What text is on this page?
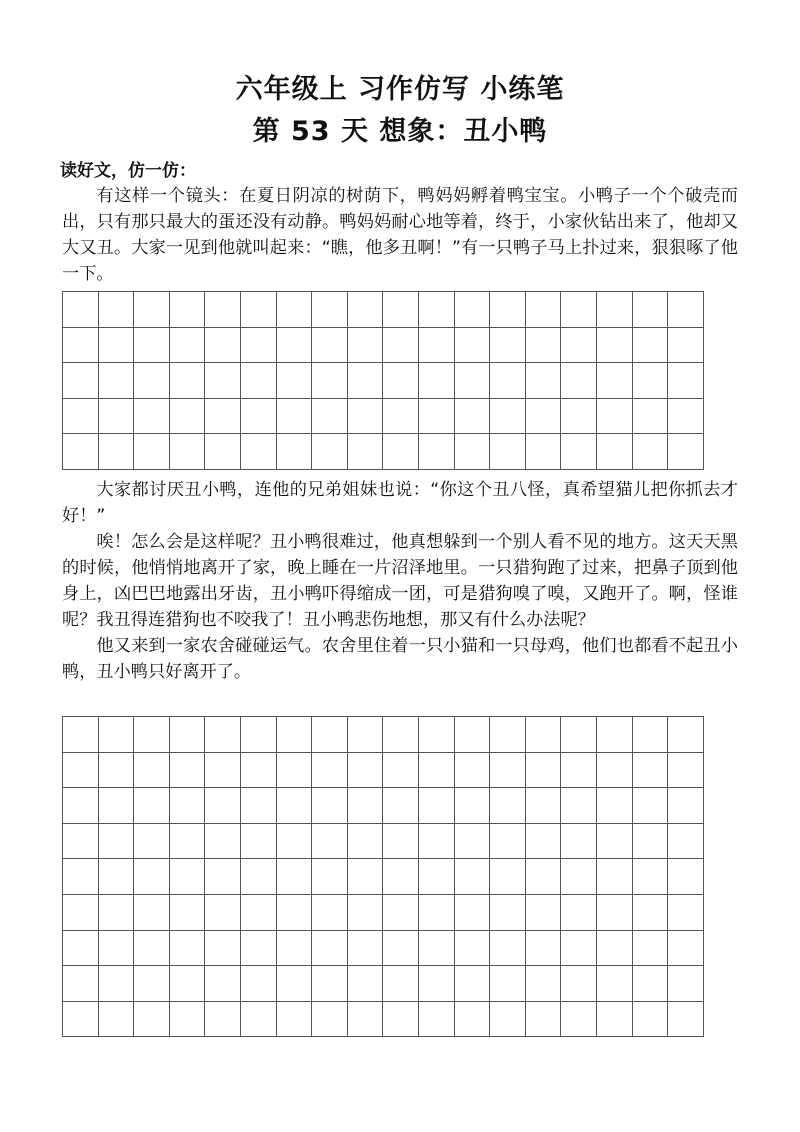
六年级上 习作仿写 小练笔
第 53 天 想象：丑小鸭
读好文，仿一仿：

有这样一个镜头：在夏日阴凉的树荫下，鸭妈妈孵着鸭宝宝。小鸭子一个个破壳而出，只有那只最大的蛋还没有动静。鸭妈妈耐心地等着，终于，小家伙钻出来了，他却又大又丑。大家一见到他就叫起来：“瞧，他多丑啊！”有一只鸭子马上扑过来，狠狠啄了他一下。

大家都讨厌丑小鸭，连他的兄弟姐妹也说：“你这个丑八怪，真希望猫儿把你抓去才好！”

唉！怎么会是这样呢？丑小鸭很难过，他真想躲到一个别人看不见的地方。这天天黑的时候，他悄悄地离开了家，晚上睡在一片沼泽地里。一只猎狗跑了过来，把鼻子顶到他身上，凶巴巴地露出牙齿，丑小鸭吓得缩成一团，可是猎狗嗅了嗅，又跑开了。啊，怪谁呢？我丑得连猎狗也不咬我了！丑小鸭悲伤地想，那又有什么办法呢？

他又来到一家农舍碰碰运气。农舍里住着一只小猫和一只母鸡，他们也都看不起丑小鸭，丑小鸭只好离开了。
